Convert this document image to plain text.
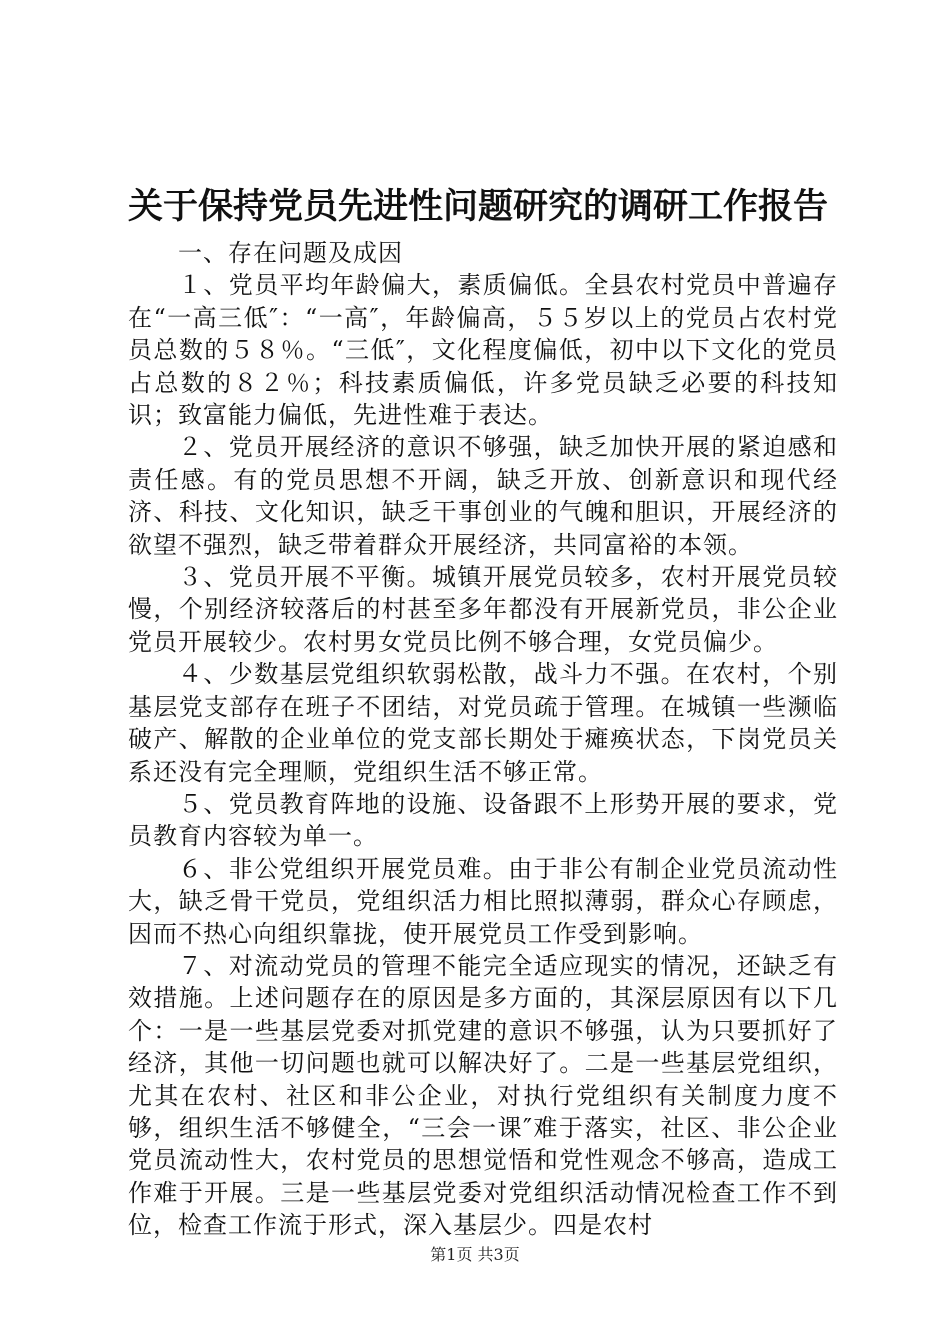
关于保持党员先进性问题研究的调研工作报告

一、存在问题及成因

１、党员平均年龄偏大，素质偏低。全县农村党员中普遍存在“一高三低″：“一高″，年龄偏高，５５岁以上的党员占农村党员总数的５８％。“三低″，文化程度偏低，初中以下文化的党员占总数的８２％；科技素质偏低，许多党员缺乏必要的科技知识；致富能力偏低，先进性难于表达。

２、党员开展经济的意识不够强，缺乏加快开展的紧迫感和责任感。有的党员思想不开阔，缺乏开放、创新意识和现代经济、科技、文化知识，缺乏干事创业的气魄和胆识，开展经济的欲望不强烈，缺乏带着群众开展经济，共同富裕的本领。

３、党员开展不平衡。城镇开展党员较多，农村开展党员较慢，个别经济较落后的村甚至多年都没有开展新党员，非公企业党员开展较少。农村男女党员比例不够合理，女党员偏少。

４、少数基层党组织软弱松散，战斗力不强。在农村，个别基层党支部存在班子不团结，对党员疏于管理。在城镇一些濒临破产、解散的企业单位的党支部长期处于瘫痪状态，下岗党员关系还没有完全理顺，党组织生活不够正常。

５、党员教育阵地的设施、设备跟不上形势开展的要求，党员教育内容较为单一。

６、非公党组织开展党员难。由于非公有制企业党员流动性大，缺乏骨干党员，党组织活力相比照拟薄弱，群众心存顾虑，因而不热心向组织靠拢，使开展党员工作受到影响。

７、对流动党员的管理不能完全适应现实的情况，还缺乏有效措施。上述问题存在的原因是多方面的，其深层原因有以下几个：一是一些基层党委对抓党建的意识不够强，认为只要抓好了经济，其他一切问题也就可以解决好了。二是一些基层党组织，尤其在农村、社区和非公企业，对执行党组织有关制度力度不够，组织生活不够健全，“三会一课″难于落实，社区、非公企业党员流动性大，农村党员的思想觉悟和党性观念不够高，造成工作难于开展。三是一些基层党委对党组织活动情况检查工作不到位，检查工作流于形式，深入基层少。四是农村

第1页 共3页
